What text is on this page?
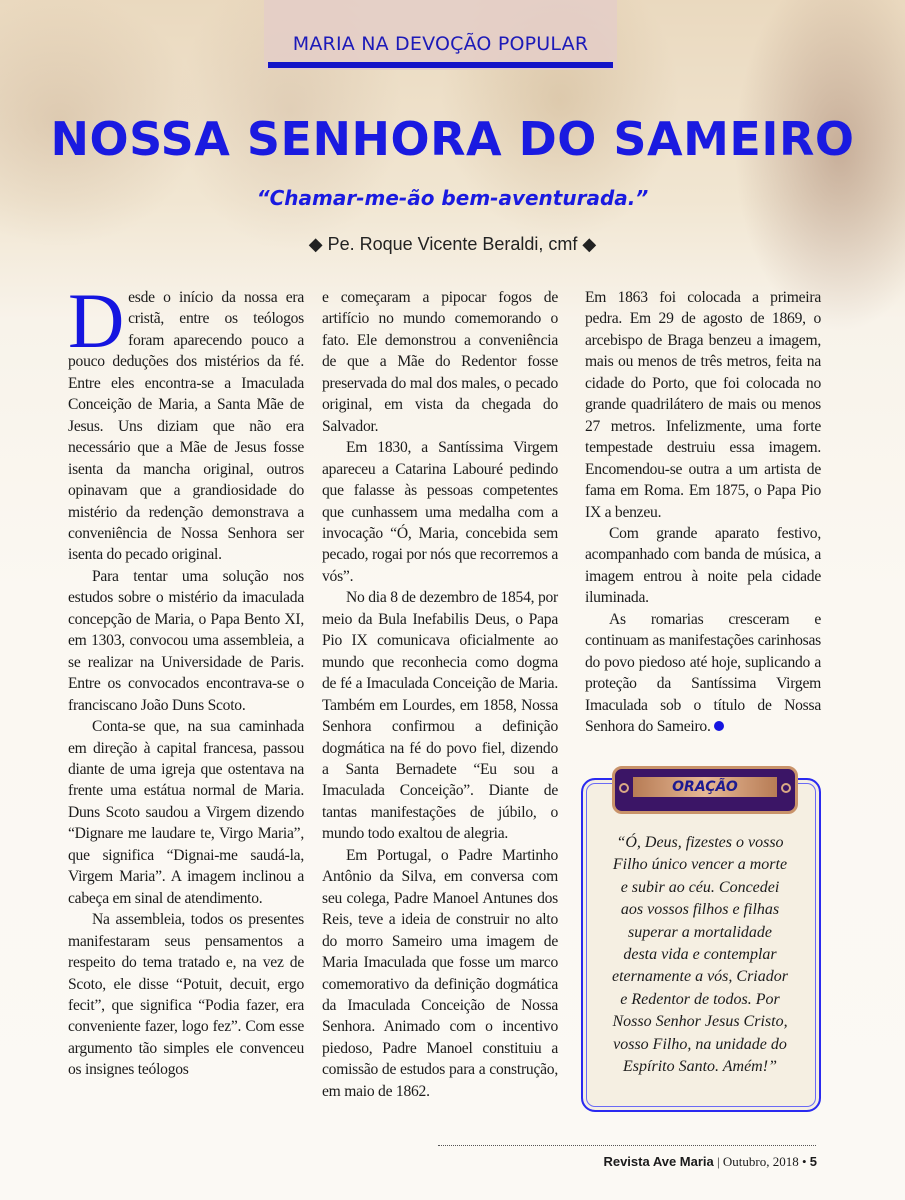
MARIA NA DEVOÇÃO POPULAR
NOSSA SENHORA DO SAMEIRO
“Chamar-me-ão bem-aventurada.”
◆ Pe. Roque Vicente Beraldi, cmf ◆

Desde o início da nossa era cristã, entre os teólogos foram aparecendo pouco a pouco deduções dos mistérios da fé. Entre eles encontra-se a Imaculada Conceição de Maria, a Santa Mãe de Jesus. Uns diziam que não era necessário que a Mãe de Jesus fosse isenta da mancha original, outros opinavam que a grandiosidade do mistério da redenção demonstrava a conveniência de Nossa Senhora ser isenta do pecado original.

Para tentar uma solução nos estudos sobre o mistério da imaculada concepção de Maria, o Papa Bento XI, em 1303, convocou uma assembleia, a se realizar na Universidade de Paris. Entre os convocados encontrava-se o franciscano João Duns Scoto.

Conta-se que, na sua caminhada em direção à capital francesa, passou diante de uma igreja que ostentava na frente uma estátua normal de Maria. Duns Scoto saudou a Virgem dizendo “Dignare me laudare te, Virgo Maria”, que significa “Dignai-me saudá-la, Virgem Maria”. A imagem inclinou a cabeça em sinal de atendimento.

Na assembleia, todos os presentes manifestaram seus pensamentos a respeito do tema tratado e, na vez de Scoto, ele disse “Potuit, decuit, ergo fecit”, que significa “Podia fazer, era conveniente fazer, logo fez”. Com esse argumento tão simples ele convenceu os insignes teólogos

e começaram a pipocar fogos de artifício no mundo comemorando o fato. Ele demonstrou a conveniência de que a Mãe do Redentor fosse preservada do mal dos males, o pecado original, em vista da chegada do Salvador.

Em 1830, a Santíssima Virgem apareceu a Catarina Labouré pedindo que falasse às pessoas competentes que cunhassem uma medalha com a invocação “Ó, Maria, concebida sem pecado, rogai por nós que recorremos a vós”.

No dia 8 de dezembro de 1854, por meio da Bula Inefabilis Deus, o Papa Pio IX comunicava oficialmente ao mundo que reconhecia como dogma de fé a Imaculada Conceição de Maria. Também em Lourdes, em 1858, Nossa Senhora confirmou a definição dogmática na fé do povo fiel, dizendo a Santa Bernadete “Eu sou a Imaculada Conceição”. Diante de tantas manifestações de júbilo, o mundo todo exaltou de alegria.

Em Portugal, o Padre Martinho Antônio da Silva, em conversa com seu colega, Padre Manoel Antunes dos Reis, teve a ideia de construir no alto do morro Sameiro uma imagem de Maria Imaculada que fosse um marco comemorativo da definição dogmática da Imaculada Conceição de Nossa Senhora. Animado com o incentivo piedoso, Padre Manoel constituiu a comissão de estudos para a construção, em maio de 1862.

Em 1863 foi colocada a primeira pedra. Em 29 de agosto de 1869, o arcebispo de Braga benzeu a imagem, mais ou menos de três metros, feita na cidade do Porto, que foi colocada no grande quadrilátero de mais ou menos 27 metros. Infelizmente, uma forte tempestade destruiu essa imagem. Encomendou-se outra a um artista de fama em Roma. Em 1875, o Papa Pio IX a benzeu.

Com grande aparato festivo, acompanhado com banda de música, a imagem entrou à noite pela cidade iluminada.

As romarias cresceram e continuam as manifestações carinhosas do povo piedoso até hoje, suplicando a proteção da Santíssima Virgem Imaculada sob o título de Nossa Senhora do Sameiro.

ORAÇÃO
“Ó, Deus, fizestes o vosso
Filho único vencer a morte
e subir ao céu. Concedei
aos vossos filhos e filhas
superar a mortalidade
desta vida e contemplar
eternamente a vós, Criador
e Redentor de todos. Por
Nosso Senhor Jesus Cristo,
vosso Filho, na unidade do
Espírito Santo. Amém!”
Revista Ave Maria | Outubro, 2018 • 5
